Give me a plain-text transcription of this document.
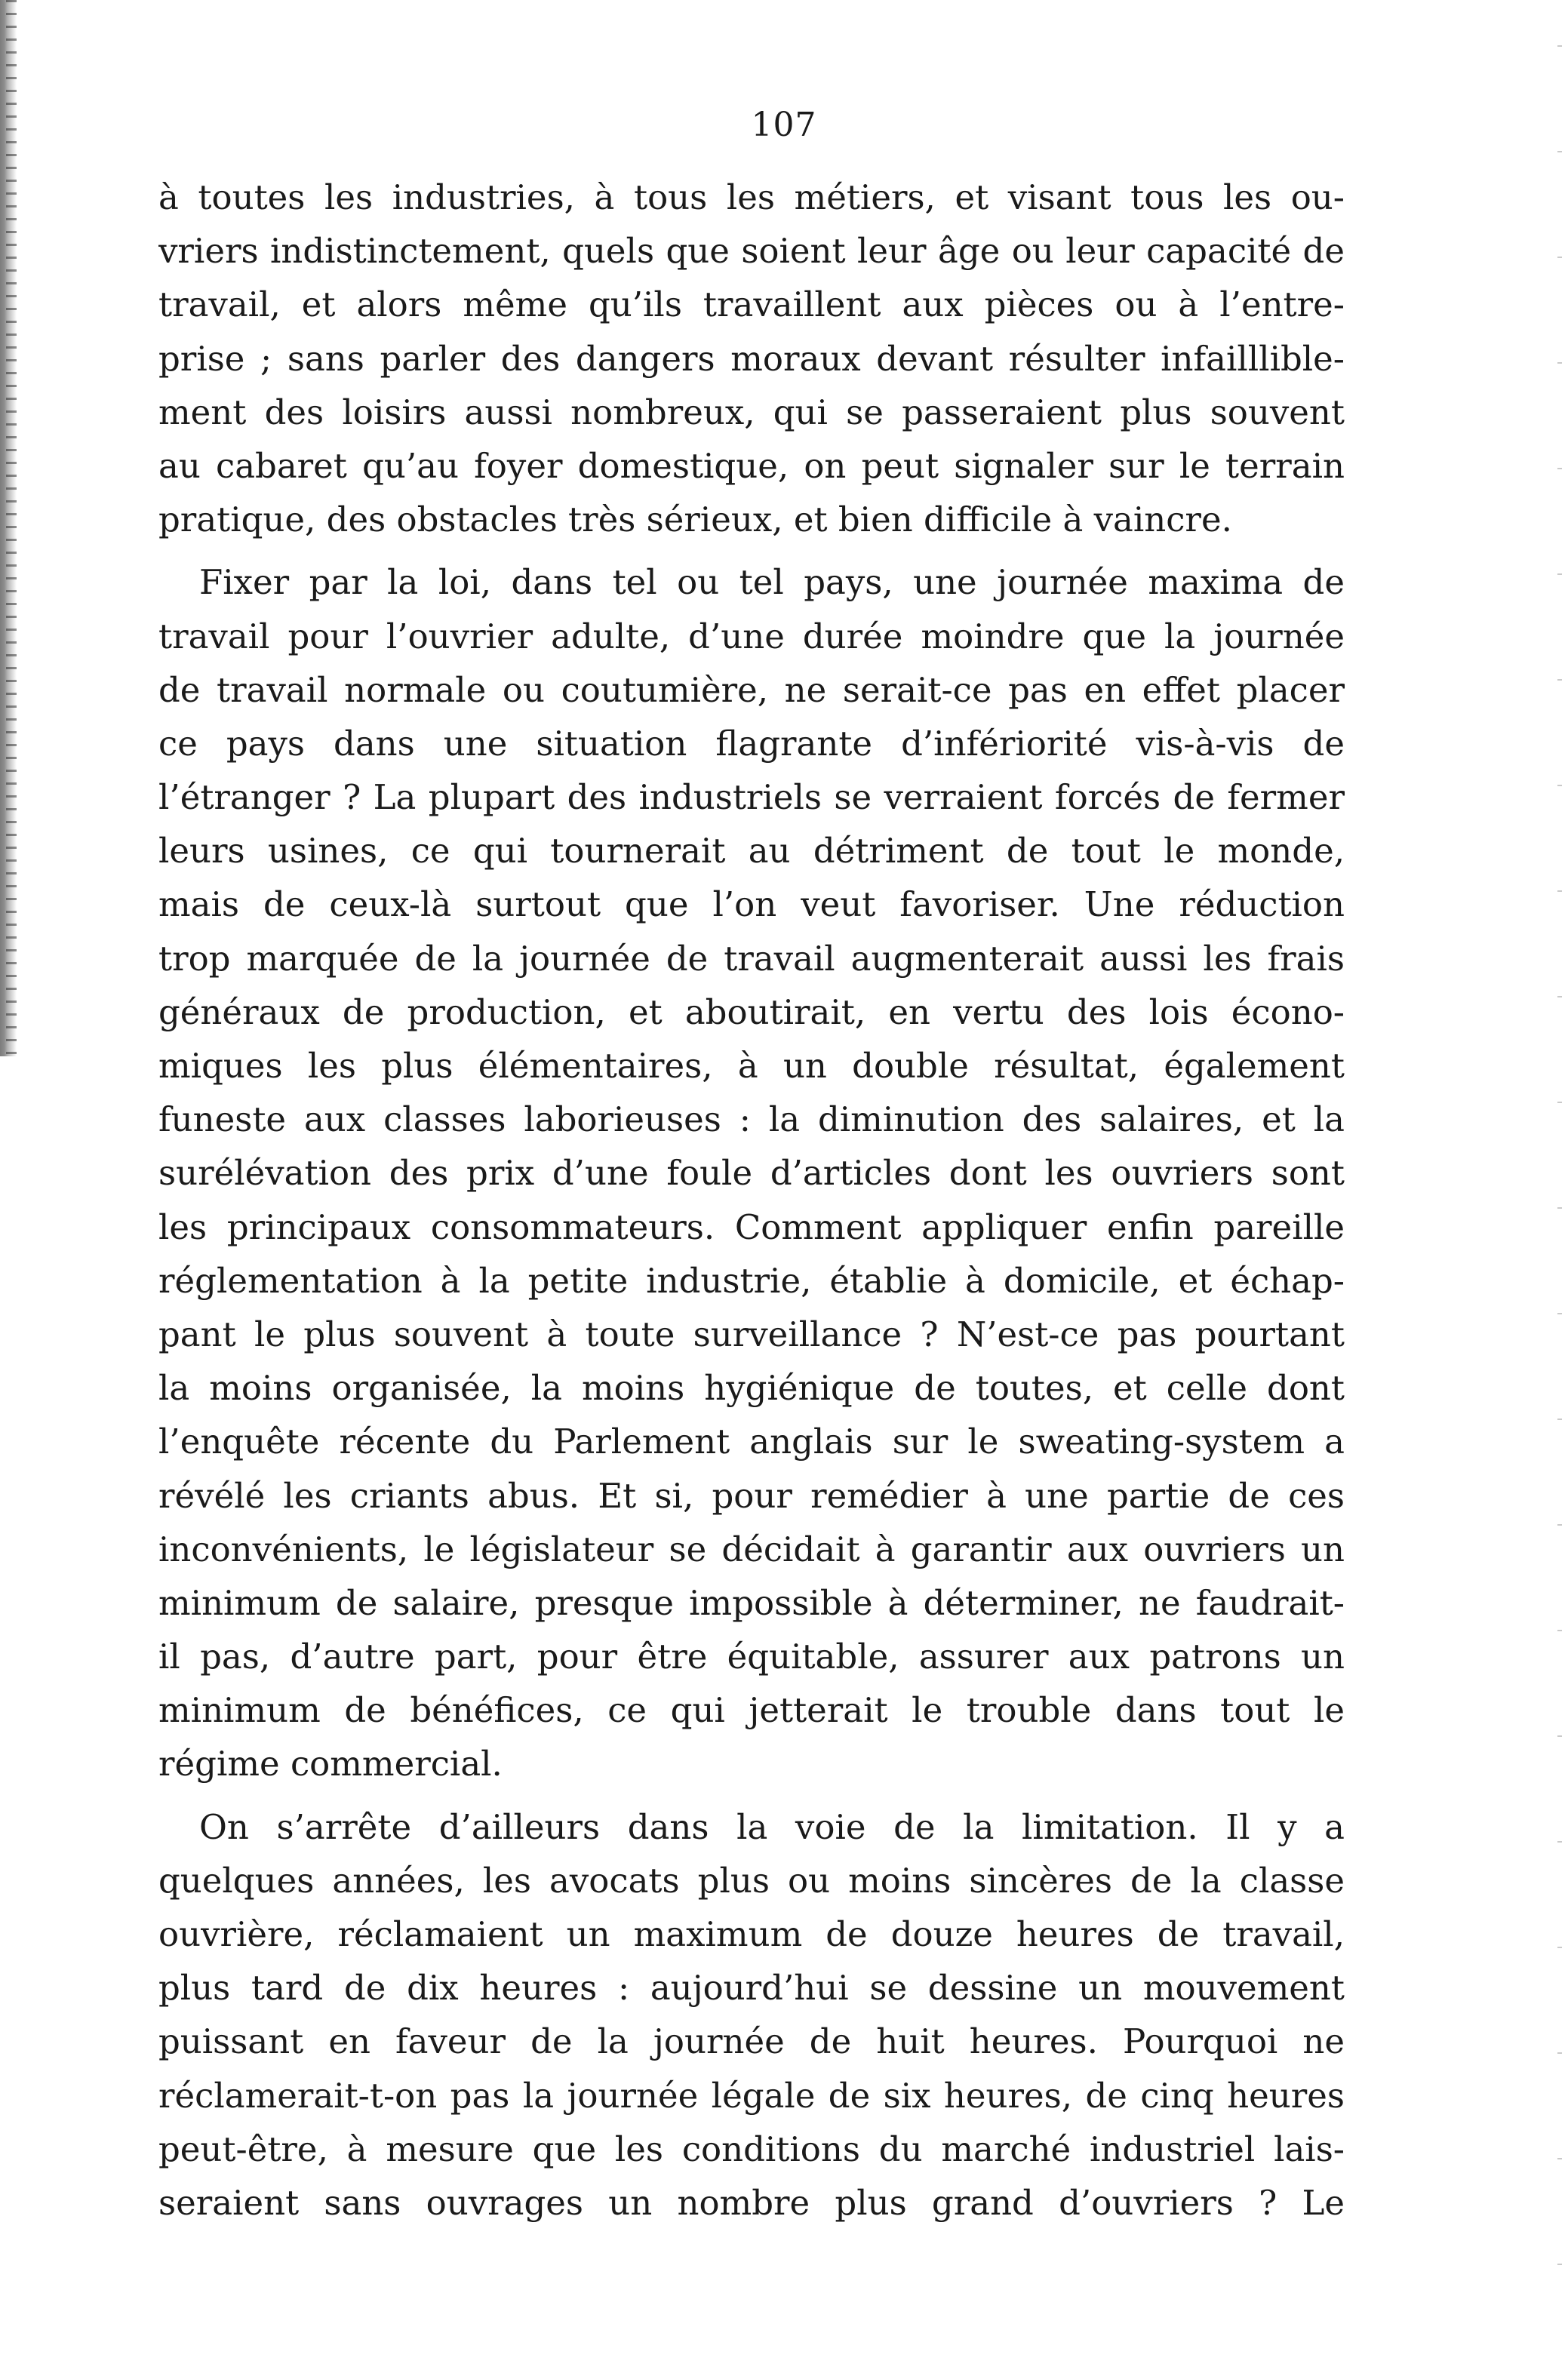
107
à toutes les industries, à tous les métiers, et visant tous les ou-
vriers indistinctement, quels que soient leur âge ou leur capacité de
travail, et alors même qu’ils travaillent aux pièces ou à l’entre-
prise ; sans parler des dangers moraux devant résulter infailllible-
ment des loisirs aussi nombreux, qui se passeraient plus souvent
au cabaret qu’au foyer domestique, on peut signaler sur le terrain
pratique, des obstacles très sérieux, et bien difficile à vaincre.
Fixer par la loi, dans tel ou tel pays, une journée maxima de
travail pour l’ouvrier adulte, d’une durée moindre que la journée
de travail normale ou coutumière, ne serait-ce pas en effet placer
ce pays dans une situation flagrante d’infériorité vis-à-vis de
l’étranger ? La plupart des industriels se verraient forcés de fermer
leurs usines, ce qui tournerait au détriment de tout le monde,
mais de ceux-là surtout que l’on veut favoriser. Une réduction
trop marquée de la journée de travail augmenterait aussi les frais
généraux de production, et aboutirait, en vertu des lois écono-
miques les plus élémentaires, à un double résultat, également
funeste aux classes laborieuses : la diminution des salaires, et la
surélévation des prix d’une foule d’articles dont les ouvriers sont
les principaux consommateurs. Comment appliquer enfin pareille
réglementation à la petite industrie, établie à domicile, et échap-
pant le plus souvent à toute surveillance ? N’est-ce pas pourtant
la moins organisée, la moins hygiénique de toutes, et celle dont
l’enquête récente du Parlement anglais sur le sweating-system a
révélé les criants abus. Et si, pour remédier à une partie de ces
inconvénients, le législateur se décidait à garantir aux ouvriers un
minimum de salaire, presque impossible à déterminer, ne faudrait-
il pas, d’autre part, pour être équitable, assurer aux patrons un
minimum de bénéfices, ce qui jetterait le trouble dans tout le
régime commercial.
On s’arrête d’ailleurs dans la voie de la limitation. Il y a
quelques années, les avocats plus ou moins sincères de la classe
ouvrière, réclamaient un maximum de douze heures de travail,
plus tard de dix heures : aujourd’hui se dessine un mouvement
puissant en faveur de la journée de huit heures. Pourquoi ne
réclamerait-t-on pas la journée légale de six heures, de cinq heures
peut-être, à mesure que les conditions du marché industriel lais-
seraient sans ouvrages un nombre plus grand d’ouvriers ? Le
